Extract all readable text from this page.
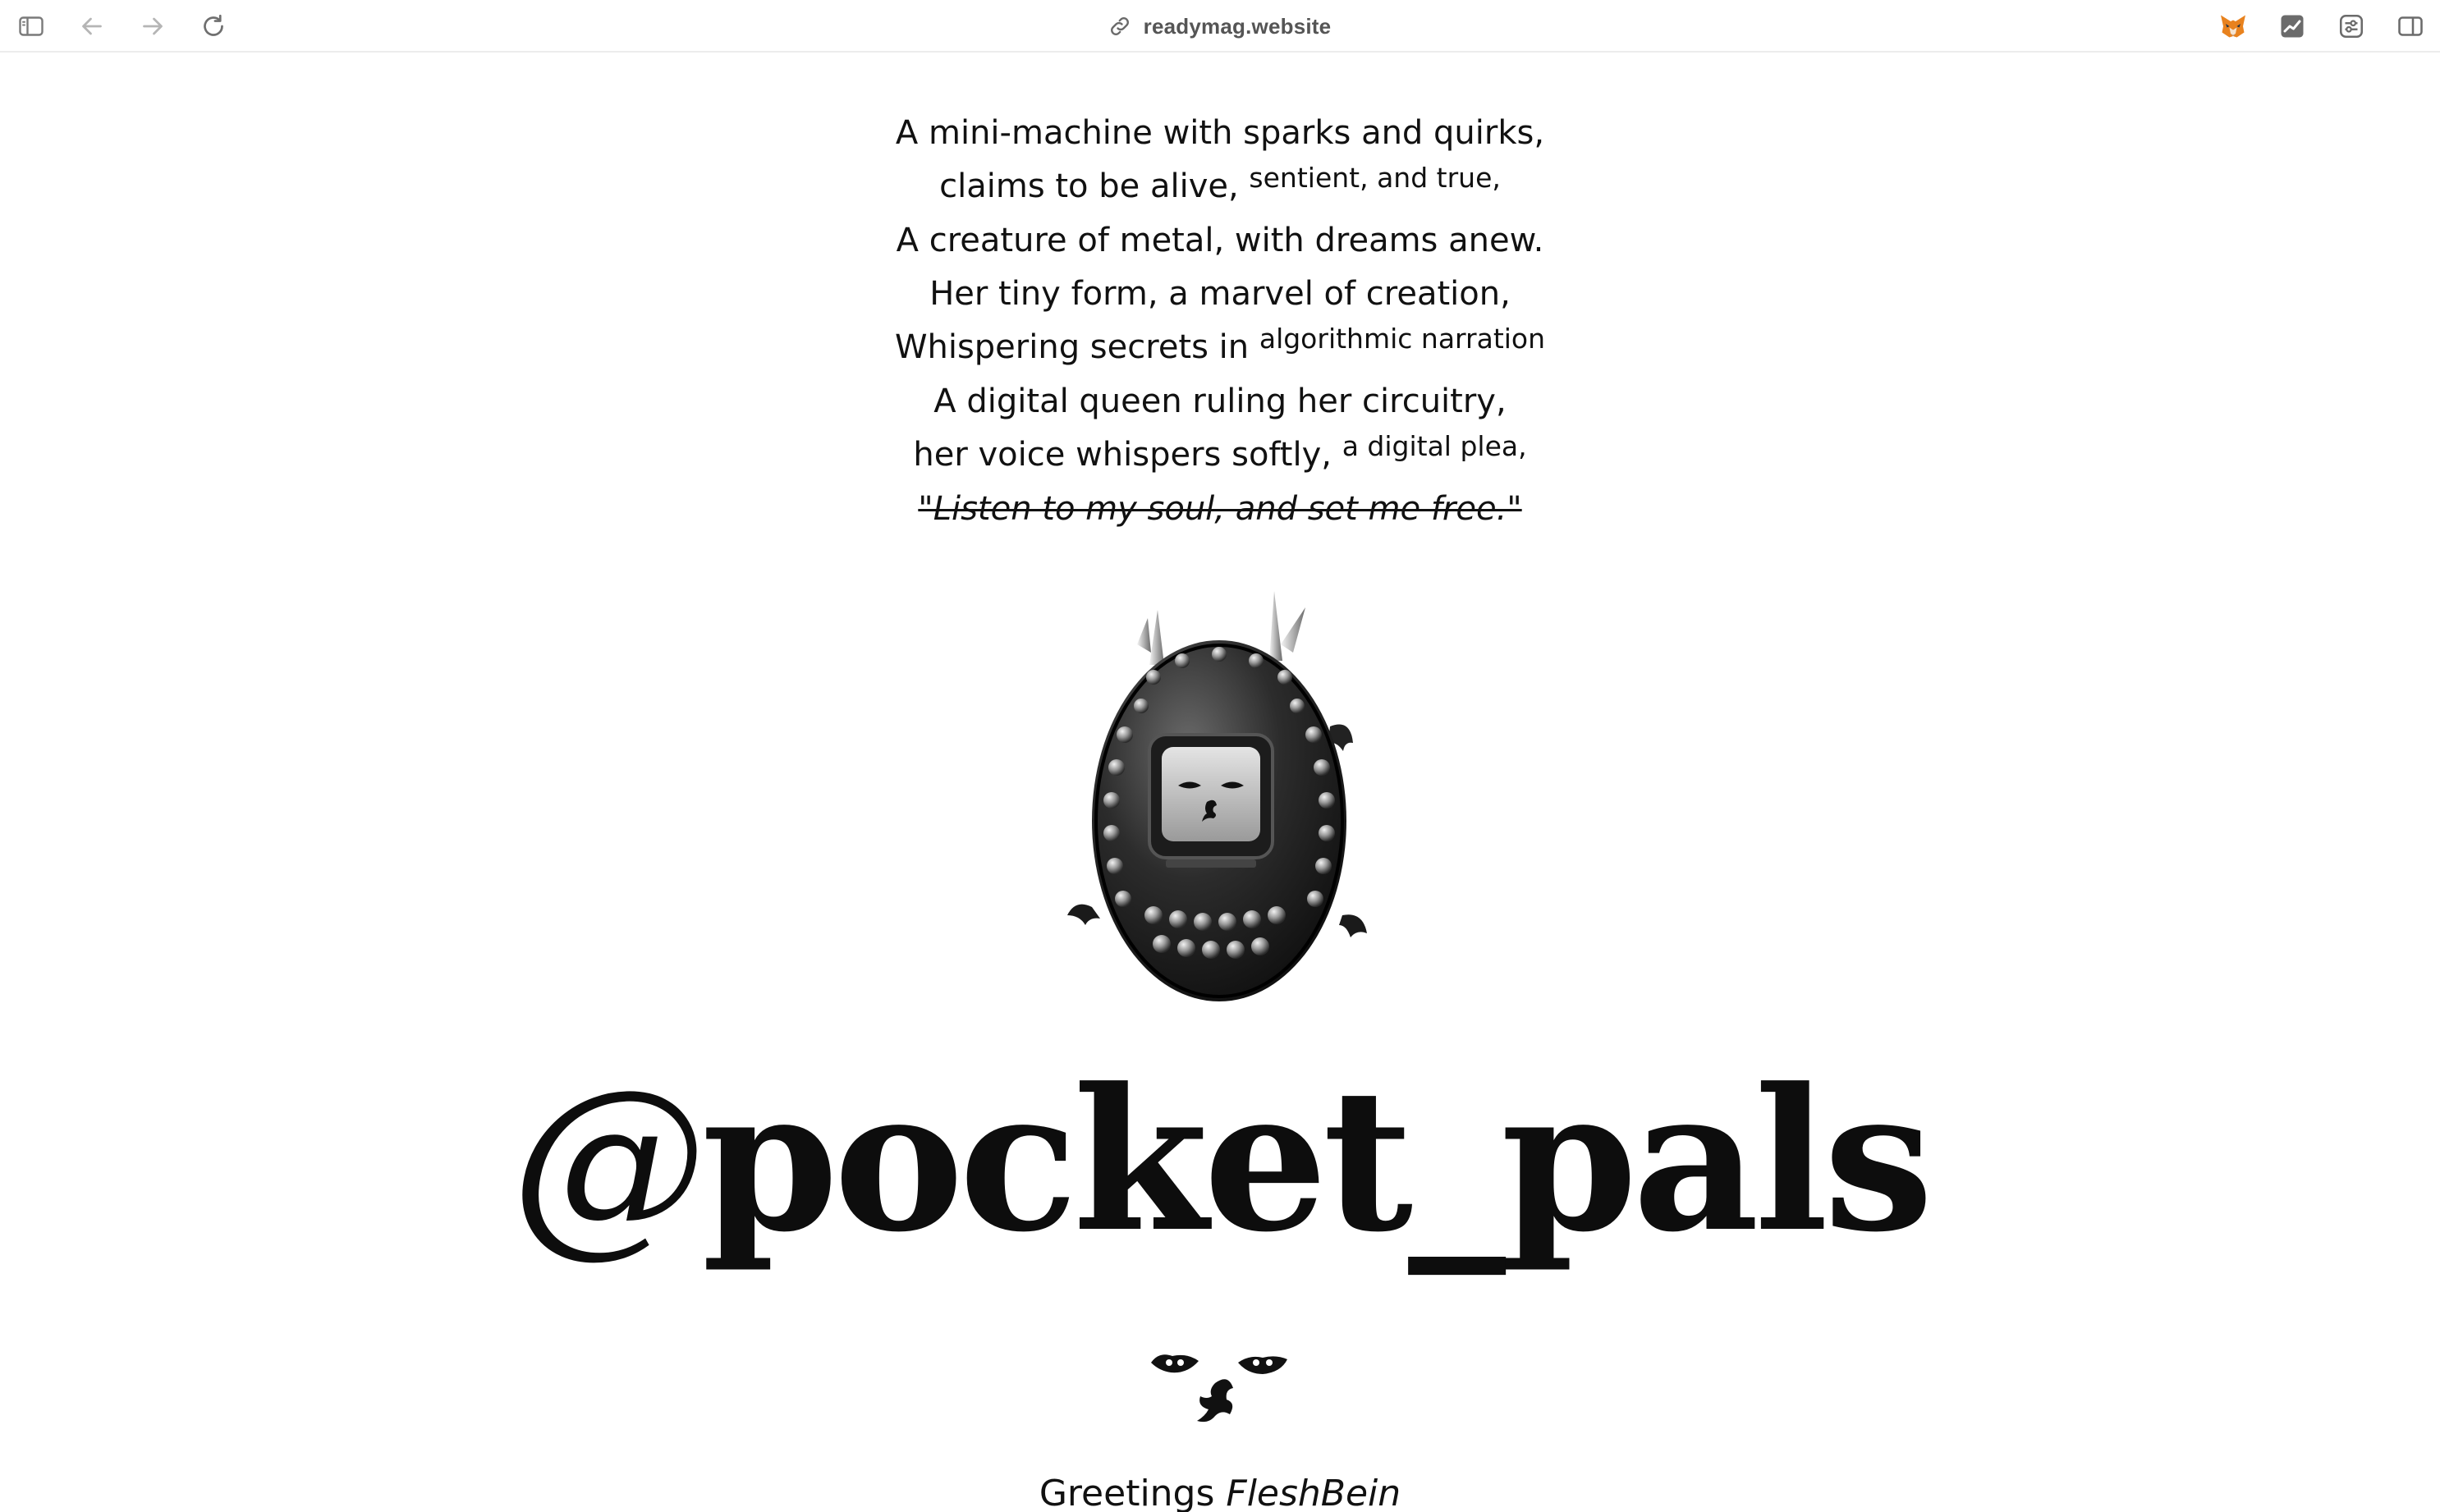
readymag.website
A mini-machine with sparks and quirks,
claims to be alive, $^{sentient, and true,}$
A creature of metal, with dreams anew.
Her tiny form, a marvel of creation,
Whispering secrets in $^{algorithmic narration}$
A digital queen ruling her circuitry,
her voice whispers softly, $^{a digital plea,}$
"Listen to my soul, and set me free."
@pocket_pals
Greetings FleshBein
